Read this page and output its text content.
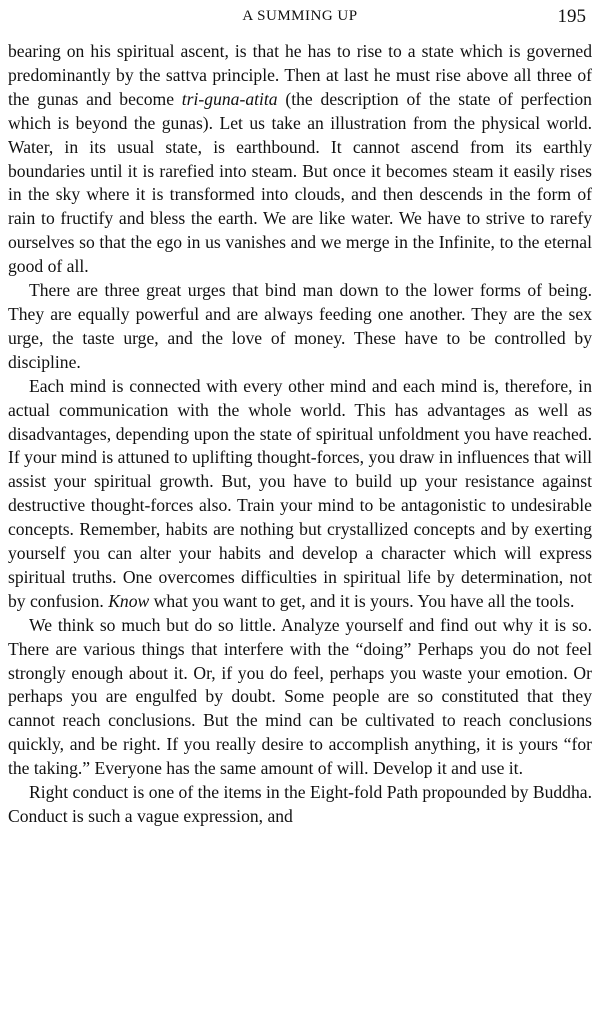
A SUMMING UP	195

bearing on his spiritual ascent, is that he has to rise to a state which is governed predominantly by the sattva principle. Then at last he must rise above all three of the gunas and become tri-guna-atita (the description of the state of perfection which is beyond the gunas). Let us take an illustration from the physical world. Water, in its usual state, is earthbound. It cannot ascend from its earthly boundaries until it is rarefied into steam. But once it becomes steam it easily rises in the sky where it is transformed into clouds, and then descends in the form of rain to fructify and bless the earth. We are like water. We have to strive to rarefy ourselves so that the ego in us vanishes and we merge in the Infinite, to the eternal good of all.

There are three great urges that bind man down to the lower forms of being. They are equally powerful and are always feeding one another. They are the sex urge, the taste urge, and the love of money. These have to be controlled by discipline.

Each mind is connected with every other mind and each mind is, therefore, in actual communication with the whole world. This has advantages as well as disadvantages, depending upon the state of spiritual unfoldment you have reached. If your mind is attuned to uplifting thought-forces, you draw in influences that will assist your spiritual growth. But, you have to build up your resistance against destructive thought-forces also. Train your mind to be antagonistic to undesirable concepts. Remember, habits are nothing but crystallized concepts and by exerting yourself you can alter your habits and develop a character which will express spiritual truths. One overcomes difficulties in spiritual life by determination, not by confusion. Know what you want to get, and it is yours. You have all the tools.

We think so much but do so little. Analyze yourself and find out why it is so. There are various things that interfere with the “doing” Perhaps you do not feel strongly enough about it. Or, if you do feel, perhaps you waste your emotion. Or perhaps you are engulfed by doubt. Some people are so constituted that they cannot reach conclusions. But the mind can be cultivated to reach conclusions quickly, and be right. If you really desire to accomplish anything, it is yours “for the taking.” Everyone has the same amount of will. Develop it and use it.

Right conduct is one of the items in the Eight-fold Path propounded by Buddha. Conduct is such a vague expression, and
